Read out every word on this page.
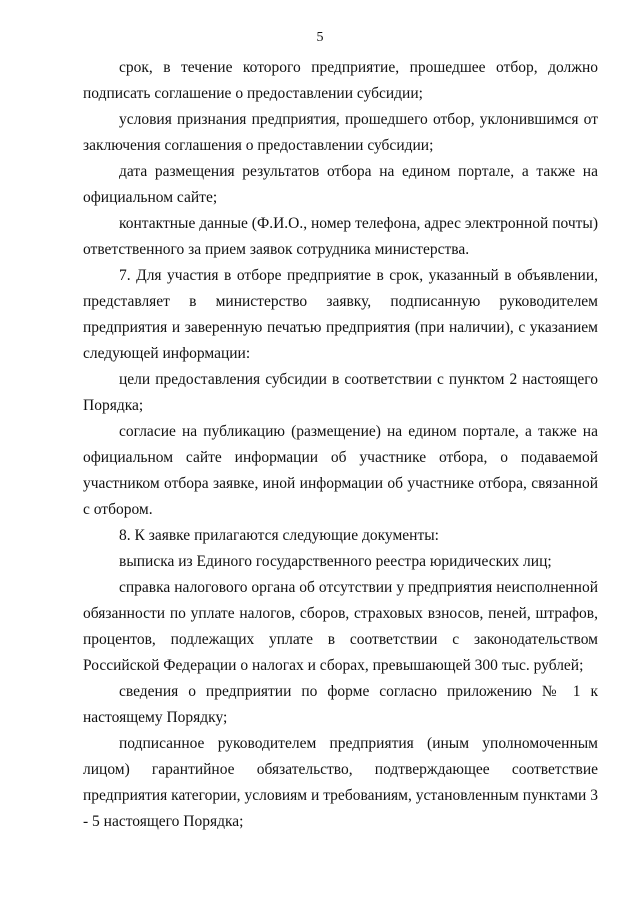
5

срок, в течение которого предприятие, прошедшее отбор, должно подписать соглашение о предоставлении субсидии;

условия признания предприятия, прошедшего отбор, уклонившимся от заключения соглашения о предоставлении субсидии;

дата размещения результатов отбора на едином портале, а также на официальном сайте;

контактные данные (Ф.И.О., номер телефона, адрес электронной почты) ответственного за прием заявок сотрудника министерства.

7. Для участия в отборе предприятие в срок, указанный в объявлении, представляет в министерство заявку, подписанную руководителем предприятия и заверенную печатью предприятия (при наличии), с указанием следующей информации:

цели предоставления субсидии в соответствии с пунктом 2 настоящего Порядка;

согласие на публикацию (размещение) на едином портале, а также на официальном сайте информации об участнике отбора, о подаваемой участником отбора заявке, иной информации об участнике отбора, связанной с отбором.

8. К заявке прилагаются следующие документы:

выписка из Единого государственного реестра юридических лиц;

справка налогового органа об отсутствии у предприятия неисполненной обязанности по уплате налогов, сборов, страховых взносов, пеней, штрафов, процентов, подлежащих уплате в соответствии с законодательством Российской Федерации о налогах и сборах, превышающей 300 тыс. рублей;

сведения о предприятии по форме согласно приложению № 1 к настоящему Порядку;

подписанное руководителем предприятия (иным уполномоченным лицом) гарантийное обязательство, подтверждающее соответствие предприятия категории, условиям и требованиям, установленным пунктами 3 - 5 настоящего Порядка;
